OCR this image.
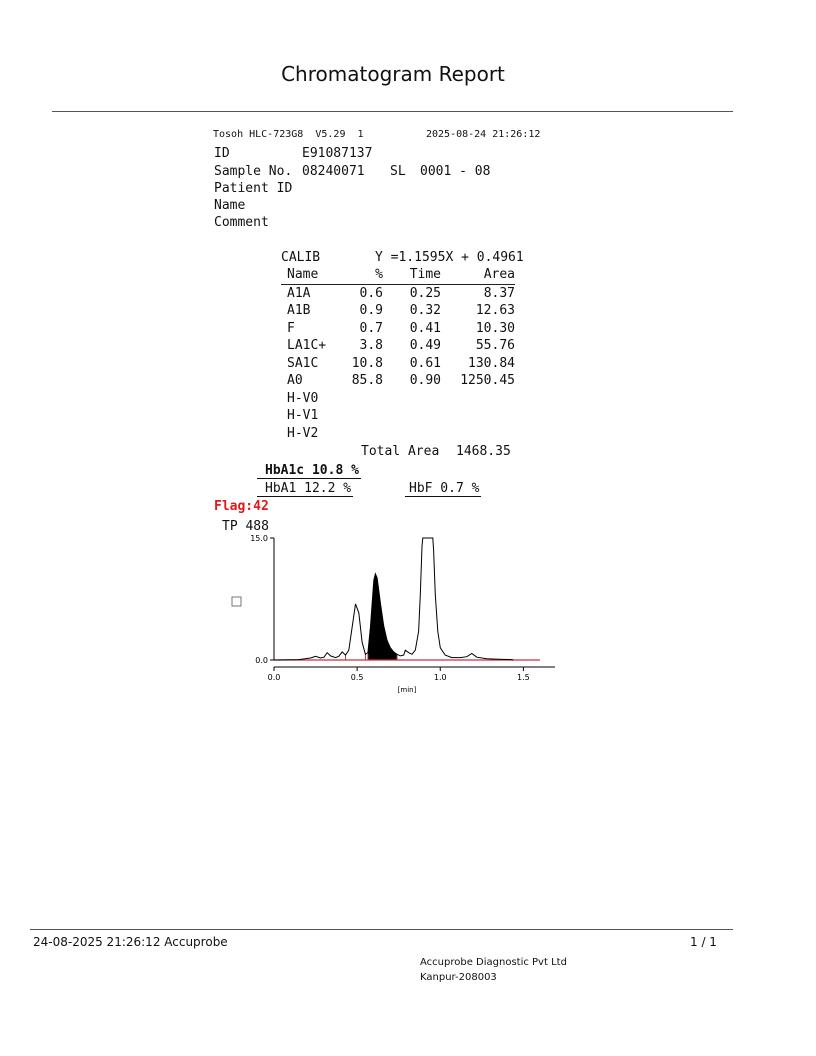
Chromatogram Report
Tosoh HLC-723G8 V5.29 1	2025-08-24 21:26:12
ID	E91087137
Sample No. 08240071 SL 0001 - 08
Patient ID
Name
Comment
CALIB	Y =1.1595X + 0.4961
Name	%	Time	Area
A1A	0.6	0.25	8.37
A1B	0.9	0.32	12.63
F	0.7	0.41	10.30
LA1C+	3.8	0.49	55.76
SA1C	10.8	0.61	130.84
A0	85.8	0.90	1250.45
H-V0			
H-V1			
H-V2			
Total Area 1468.35
HbA1c 10.8 %
HbA1 12.2 %	HbF 0.7 %
Flag:42
TP 488
0.0
15.0
0.0	0.5	1.0	1.5
[min]
24-08-2025 21:26:12 Accuprobe	1 / 1
Accuprobe Diagnostic Pvt Ltd
Kanpur-208003
